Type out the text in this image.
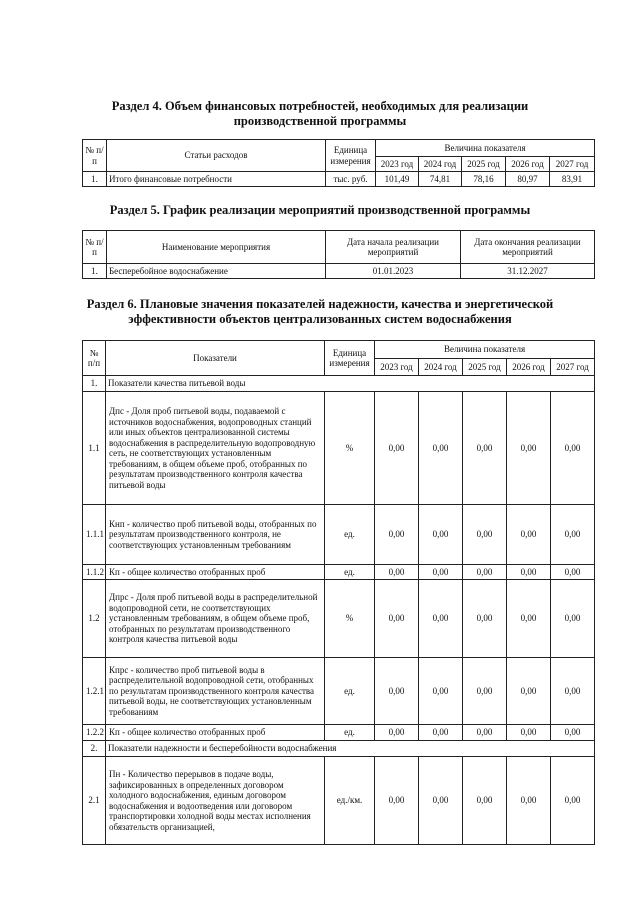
Раздел 4. Объем финансовых потребностей, необходимых для реализации

производственной программы

№ п/п	Статьи расходов	Единица измерения	Величина показателя				
			2023 год	2024 год	2025 год	2026 год	2027 год
1.	Итого финансовые потребности	тыс. руб.	101,49	74,81	78,16	80,97	83,91

Раздел 5. График реализации мероприятий производственной программы

№ п/п	Наименование мероприятия	Дата начала реализации мероприятий	Дата окончания реализации мероприятий
1.	Бесперебойное водоснабжение	01.01.2023	31.12.2027

Раздел 6. Плановые значения показателей надежности, качества и энергетической

эффективности объектов централизованных систем водоснабжения

№ п/п	Показатели	Единица измерения	Величина показателя				
			2023 год	2024 год	2025 год	2026 год	2027 год
1.	Показатели качества питьевой воды						
1.1	Дпс - Доля проб питьевой воды, подаваемой с источников водоснабжения, водопроводных станций или иных объектов централизованной системы водоснабжения в распределительную водопроводную сеть, не соответствующих установленным требованиям, в общем объеме проб, отобранных по результатам производственного контроля качества питьевой воды	%	0,00	0,00	0,00	0,00	0,00
1.1.1	Кнп - количество проб питьевой воды, отобранных по результатам производственного контроля, не соответствующих установленным требованиям	ед.	0,00	0,00	0,00	0,00	0,00
1.1.2	Кп - общее количество отобранных проб	ед.	0,00	0,00	0,00	0,00	0,00
1.2	Дпрс - Доля проб питьевой воды в распределительной водопроводной сети, не соответствующих установленным требованиям, в общем объеме проб, отобранных по результатам производственного контроля качества питьевой воды	%	0,00	0,00	0,00	0,00	0,00
1.2.1	Кпрс - количество проб питьевой воды в распределительной водопроводной сети, отобранных по результатам производственного контроля качества питьевой воды, не соответствующих установленным требованиям	ед.	0,00	0,00	0,00	0,00	0,00
1.2.2	Кп - общее количество отобранных проб	ед.	0,00	0,00	0,00	0,00	0,00
2.	Показатели надежности и бесперебойности водоснабжения						
2.1	Пн - Количество перерывов в подаче воды, зафиксированных в определенных договором холодного водоснабжения, единым договором водоснабжения и водоотведения или договором транспортировки холодной воды местах исполнения обязательств организацией,	ед./км.	0,00	0,00	0,00	0,00	0,00
